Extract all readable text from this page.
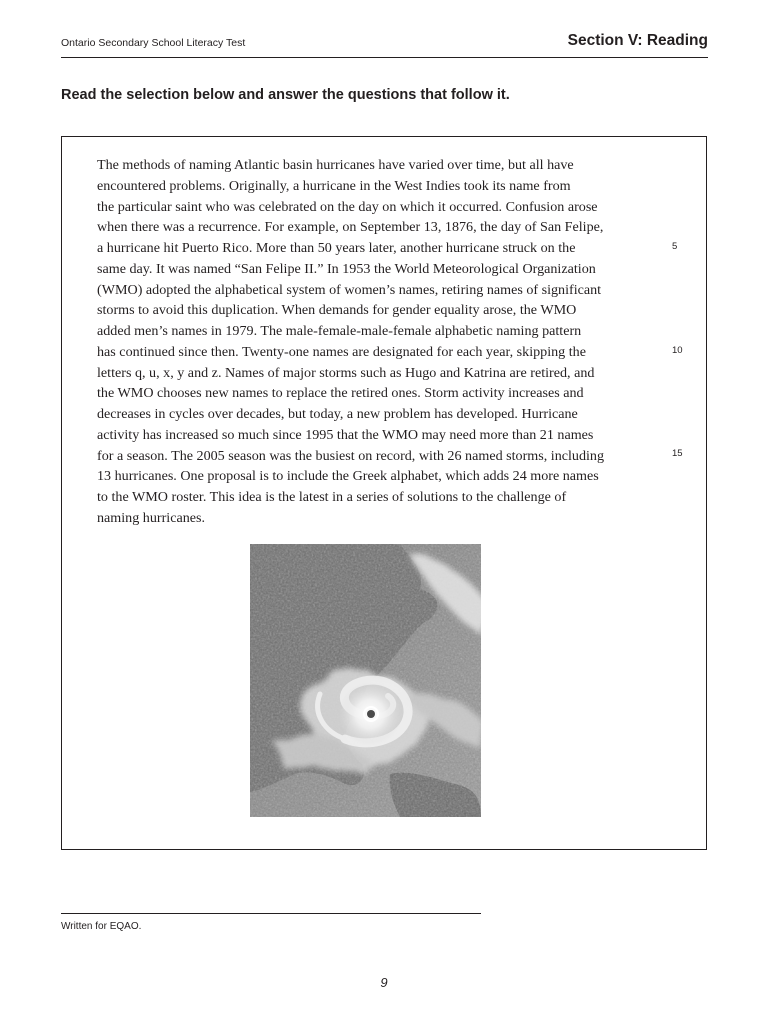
Ontario Secondary School Literacy Test	Section V: Reading
Read the selection below and answer the questions that follow it.
The methods of naming Atlantic basin hurricanes have varied over time, but all have
encountered problems. Originally, a hurricane in the West Indies took its name from
the particular saint who was celebrated on the day on which it occurred. Confusion arose
when there was a recurrence. For example, on September 13, 1876, the day of San Felipe,
a hurricane hit Puerto Rico. More than 50 years later, another hurricane struck on the
same day. It was named “San Felipe II.” In 1953 the World Meteorological Organization
(WMO) adopted the alphabetical system of women’s names, retiring names of significant
storms to avoid this duplication. When demands for gender equality arose, the WMO
added men’s names in 1979. The male-female-male-female alphabetic naming pattern
has continued since then. Twenty-one names are designated for each year, skipping the
letters q, u, x, y and z. Names of major storms such as Hugo and Katrina are retired, and
the WMO chooses new names to replace the retired ones. Storm activity increases and
decreases in cycles over decades, but today, a new problem has developed. Hurricane
activity has increased so much since 1995 that the WMO may need more than 21 names
for a season. The 2005 season was the busiest on record, with 26 named storms, including
13 hurricanes. One proposal is to include the Greek alphabet, which adds 24 more names
to the WMO roster. This idea is the latest in a series of solutions to the challenge of
naming hurricanes.
5
10
15
Written for EQAO.
9
